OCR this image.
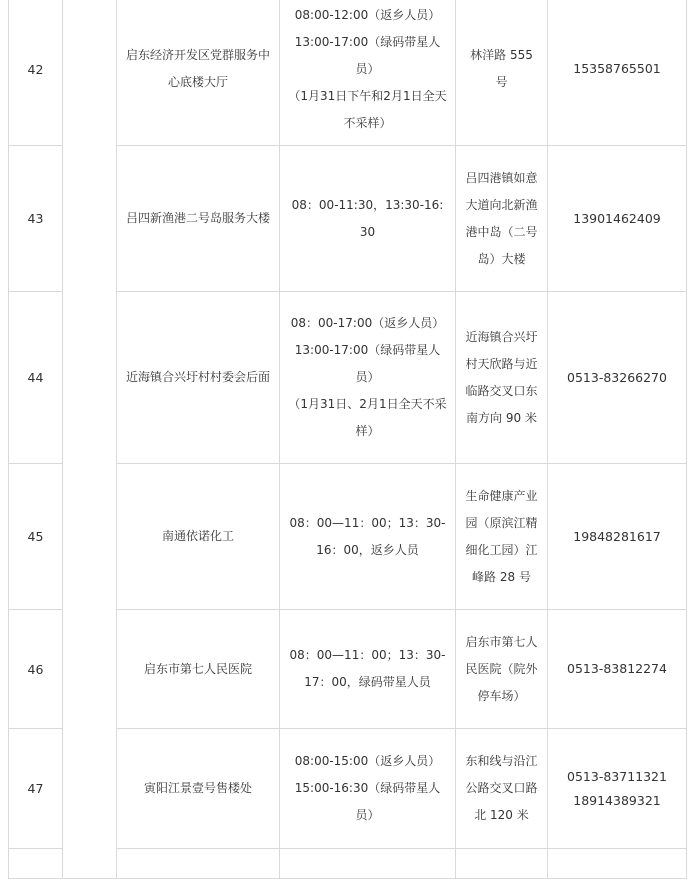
42		启东经济开发区党群服务中心底楼大厅	08:00-12:00（返乡人员）
13:00-17:00（绿码带星人员）
（1月31日下午和2月1日全天不采样）	林洋路 555 号	15358765501

43		吕四新渔港二号岛服务大楼	08：00-11:30，13:30-16:30	吕四港镇如意大道向北新渔港中岛（二号岛）大楼	13901462409

44		近海镇合兴圩村村委会后面	08：00-17:00（返乡人员）
13:00-17:00（绿码带星人员）
（1月31日、2月1日全天不采样）	近海镇合兴圩村天欣路与近临路交叉口东南方向 90 米	0513-83266270

45		南通依诺化工	08：00—11：00；13：30-16：00，返乡人员	生命健康产业园（原滨江精细化工园）江峰路 28 号	19848281617

46		启东市第七人民医院	08：00—11：00；13：30-17：00，绿码带星人员	启东市第七人民医院（院外停车场）	0513-83812274

47		寅阳江景壹号售楼处	08:00-15:00（返乡人员）
15:00-16:30（绿码带星人员）	东和线与沿江公路交叉口路北 120 米	0513-83711321
18914389321
